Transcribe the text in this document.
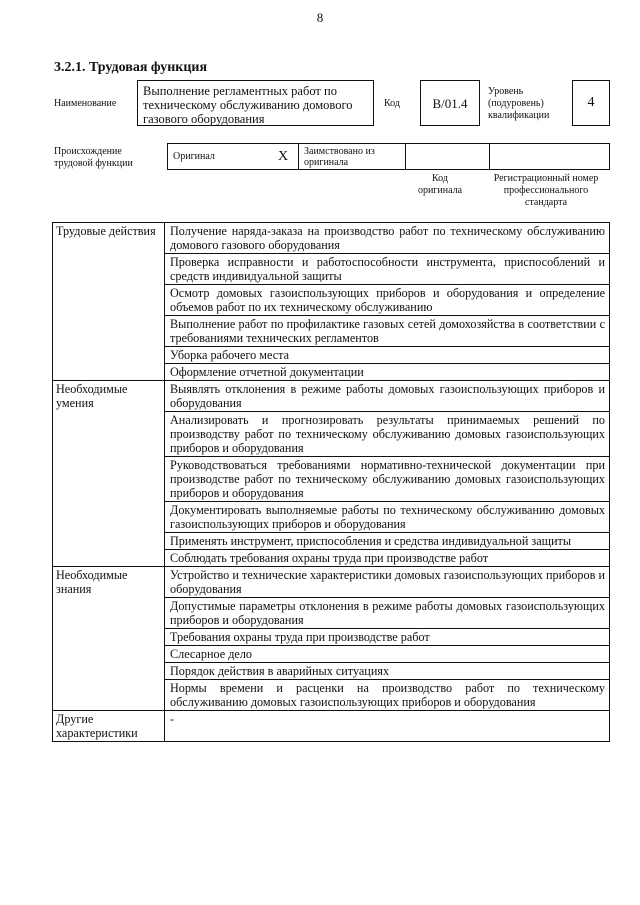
8
3.2.1. Трудовая функция
Наименование
Выполнение регламентных работ по техническому обслуживанию домового газового оборудования
Код	B/01.4
Уровень
(подуровень)
квалификации
4
Происхождение
трудовой функции
Оригинал	X	Заимствовано из оригинала		
Код
оригинала
Регистрационный номер
профессионального
стандарта
Трудовые действия	Получение наряда-заказа на производство работ по техническому обслуживанию домового газового оборудования
	Проверка исправности и работоспособности инструмента, приспособлений и средств индивидуальной защиты
	Осмотр домовых газоиспользующих приборов и оборудования и определение объемов работ по их техническому обслуживанию
	Выполнение работ по профилактике газовых сетей домохозяйства в соответствии с требованиями технических регламентов
	Уборка рабочего места
	Оформление отчетной документации
Необходимые умения	Выявлять отклонения в режиме работы домовых газоиспользующих приборов и оборудования
	Анализировать и прогнозировать результаты принимаемых решений по производству работ по техническому обслуживанию домовых газоиспользующих приборов и оборудования
	Руководствоваться требованиями нормативно-технической документации при производстве работ по техническому обслуживанию домовых газоиспользующих приборов и оборудования
	Документировать выполняемые работы по техническому обслуживанию домовых газоиспользующих приборов и оборудования
	Применять инструмент, приспособления и средства индивидуальной защиты
	Соблюдать требования охраны труда при производстве работ
Необходимые знания	Устройство и технические характеристики домовых газоиспользующих приборов и оборудования
	Допустимые параметры отклонения в режиме работы домовых газоиспользующих приборов и оборудования
	Требования охраны труда при производстве работ
	Слесарное дело
	Порядок действия в аварийных ситуациях
	Нормы времени и расценки на производство работ по техническому обслуживанию домовых газоиспользующих приборов и оборудования
Другие характеристики	-
